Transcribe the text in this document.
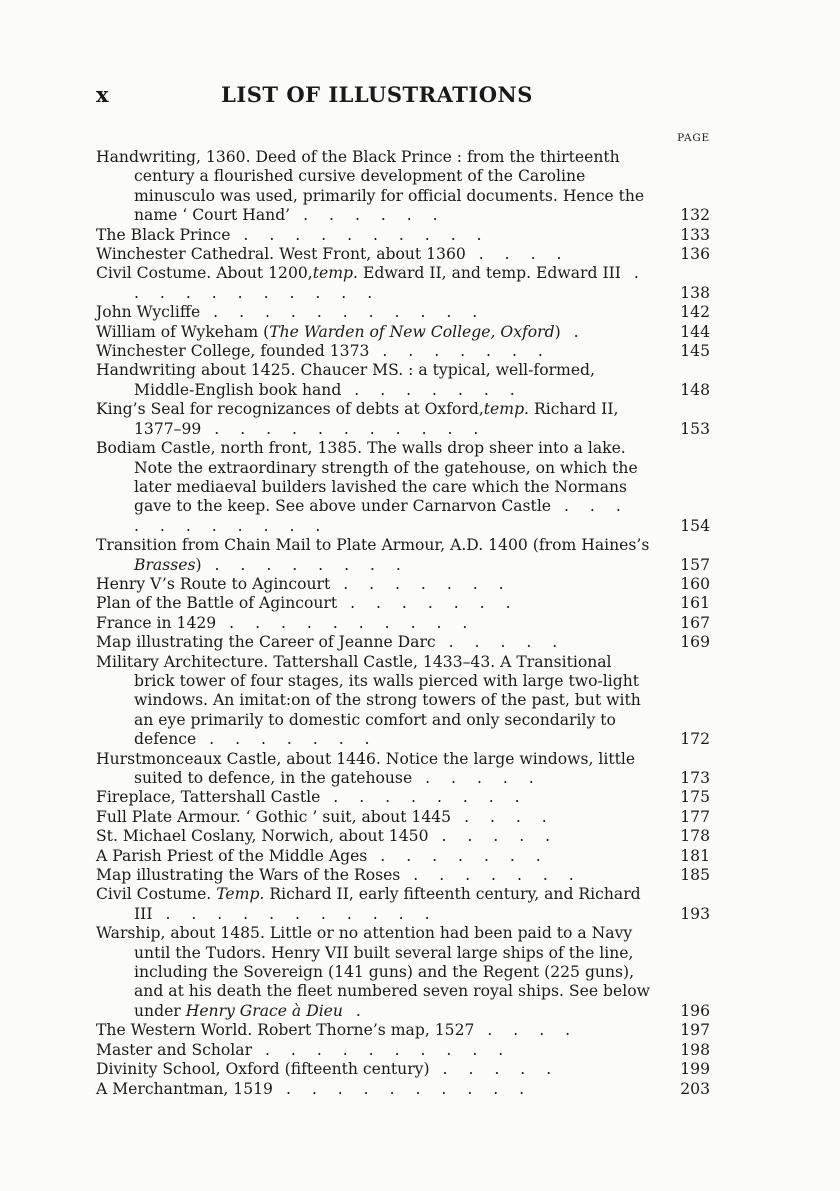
x	LIST OF ILLUSTRATIONS
PAGE
Handwriting, 1360. Deed of the Black Prince : from the thirteenth century a flourished cursive development of the Caroline minusculo was used, primarily for official documents. Hence the name ‘ Court Hand’ . . . . . .	132
The Black Prince . . . . . . . . . .	133
Winchester Cathedral. West Front, about 1360 . . . .	136
Civil Costume. About 1200,temp. Edward II, and temp. Edward III . . . . . . . . . . .	138
John Wycliffe . . . . . . . . . . .	142
William of Wykeham (The Warden of New College, Oxford) .	144
Winchester College, founded 1373 . . . . . . .	145
Handwriting about 1425. Chaucer MS. : a typical, well-formed, Middle-English book hand . . . . . . .	148
King’s Seal for recognizances of debts at Oxford,temp. Richard II, 1377–99 . . . . . . . . . . .	153
Bodiam Castle, north front, 1385. The walls drop sheer into a lake. Note the extraordinary strength of the gatehouse, on which the later mediaeval builders lavished the care which the Normans gave to the keep. See above under Carnarvon Castle . . . . . . . . . . .	154
Transition from Chain Mail to Plate Armour, A.D. 1400 (from Haines’s Brasses) . . . . . . . .	157
Henry V’s Route to Agincourt . . . . . . .	160
Plan of the Battle of Agincourt . . . . . . .	161
France in 1429 . . . . . . . . . .	167
Map illustrating the Career of Jeanne Darc . . . . .	169
Military Architecture. Tattershall Castle, 1433–43. A Transitional brick tower of four stages, its walls pierced with large two-light windows. An imitat:on of the strong towers of the past, but with an eye primarily to domestic comfort and only secondarily to defence . . . . . . .	172
Hurstmonceaux Castle, about 1446. Notice the large windows, little suited to defence, in the gatehouse . . . . .	173
Fireplace, Tattershall Castle . . . . . . . .	175
Full Plate Armour. ‘ Gothic ’ suit, about 1445 . . . .	177
St. Michael Coslany, Norwich, about 1450 . . . . .	178
A Parish Priest of the Middle Ages . . . . . . .	181
Map illustrating the Wars of the Roses . . . . . . .	185
Civil Costume. Temp. Richard II, early fifteenth century, and Richard III . . . . . . . . . . .	193
Warship, about 1485. Little or no attention had been paid to a Navy until the Tudors. Henry VII built several large ships of the line, including the Sovereign (141 guns) and the Regent (225 guns), and at his death the fleet numbered seven royal ships. See below under Henry Grace à Dieu .	196
The Western World. Robert Thorne’s map, 1527 . . . .	197
Master and Scholar . . . . . . . . . .	198
Divinity School, Oxford (fifteenth century) . . . . .	199
A Merchantman, 1519 . . . . . . . . . .	203
